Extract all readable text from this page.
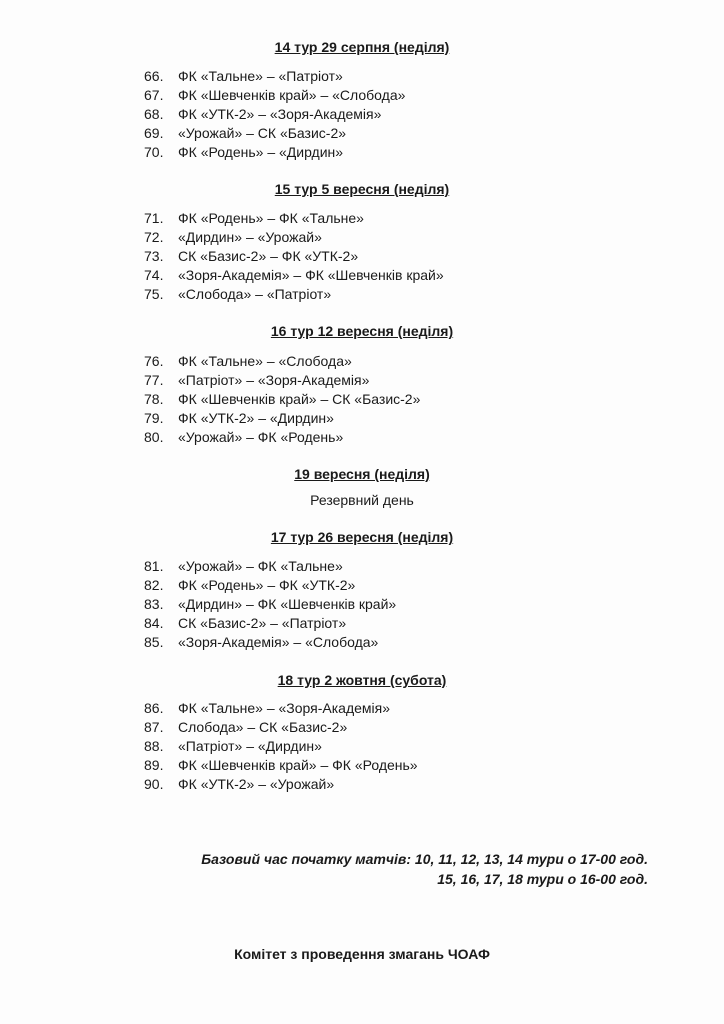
14 тур 29 серпня (неділя)
66. ФК «Тальне» – «Патріот»
67. ФК «Шевченків край» – «Слобода»
68. ФК «УТК-2» – «Зоря-Академія»
69. «Урожай» – СК «Базис-2»
70. ФК «Родень» – «Дирдин»
15 тур 5 вересня (неділя)
71. ФК «Родень» – ФК «Тальне»
72. «Дирдин» – «Урожай»
73. СК «Базис-2» – ФК «УТК-2»
74. «Зоря-Академія» – ФК «Шевченків край»
75. «Слобода» – «Патріот»
16 тур 12 вересня (неділя)
76. ФК «Тальне» – «Слобода»
77. «Патріот» – «Зоря-Академія»
78. ФК «Шевченків край» – СК «Базис-2»
79. ФК «УТК-2» – «Дирдин»
80. «Урожай» – ФК «Родень»
19 вересня (неділя)
Резервний день
17 тур 26 вересня (неділя)
81. «Урожай» – ФК «Тальне»
82. ФК «Родень» – ФК «УТК-2»
83. «Дирдин» – ФК «Шевченків край»
84. СК «Базис-2» – «Патріот»
85. «Зоря-Академія» – «Слобода»
18 тур 2 жовтня (субота)
86. ФК «Тальне» – «Зоря-Академія»
87. Слобода» – СК «Базис-2»
88. «Патріот» – «Дирдин»
89. ФК «Шевченків край» – ФК «Родень»
90. ФК «УТК-2» – «Урожай»
Базовий час початку матчів: 10, 11, 12, 13, 14 тури о 17-00 год.
15, 16, 17, 18 тури о 16-00 год.
Комітет з проведення змагань ЧОАФ
